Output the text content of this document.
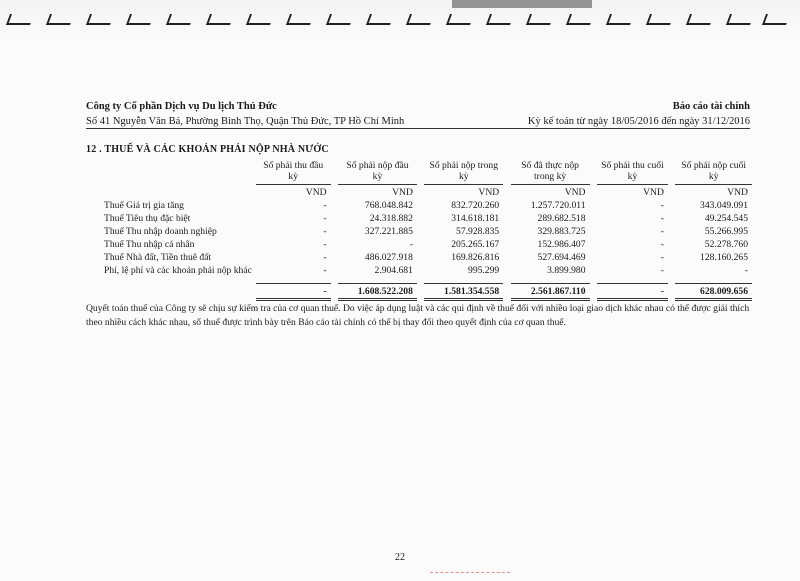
Công ty Cổ phần Dịch vụ Du lịch Thủ Đức
Số 41 Nguyễn Văn Bá, Phường Bình Thọ, Quận Thủ Đức, TP Hồ Chí Minh
Báo cáo tài chính
Kỳ kế toán từ ngày 18/05/2016 đến ngày 31/12/2016
12 . THUẾ VÀ CÁC KHOẢN PHẢI NỘP NHÀ NƯỚC
	Số phải thu đầu kỳ		Số phải nộp đầu kỳ		Số phải nộp trong kỳ		Số đã thực nộp trong kỳ		Số phải thu cuối kỳ		Số phải nộp cuối kỳ
	VND		VND		VND		VND		VND		VND
Thuế Giá trị gia tăng	-		768.048.842		832.720.260		1.257.720.011		-		343.049.091
Thuế Tiêu thụ đặc biệt	-		24.318.882		314.618.181		289.682.518		-		49.254.545
Thuế Thu nhập doanh nghiệp	-		327.221.885		57.928.835		329.883.725		-		55.266.995
Thuế Thu nhập cá nhân	-		-		205.265.167		152.986.407		-		52.278.760
Thuế Nhà đất, Tiền thuê đất	-		486.027.918		169.826.816		527.694.469		-		128.160.265
Phí, lệ phí và các khoản phải nộp khác	-		2.904.681		995.299		3.899.980		-		-
	-		1.608.522.208		1.581.354.558		2.561.867.110		-		628.009.656
Quyết toán thuế của Công ty sẽ chịu sự kiểm tra của cơ quan thuế. Do việc áp dụng luật và các qui định về thuế đối với nhiều loại giao dịch khác nhau có thể được giải thích theo nhiều cách khác nhau, số thuế được trình bày trên Báo cáo tài chính có thể bị thay đổi theo quyết định của cơ quan thuế.
22
